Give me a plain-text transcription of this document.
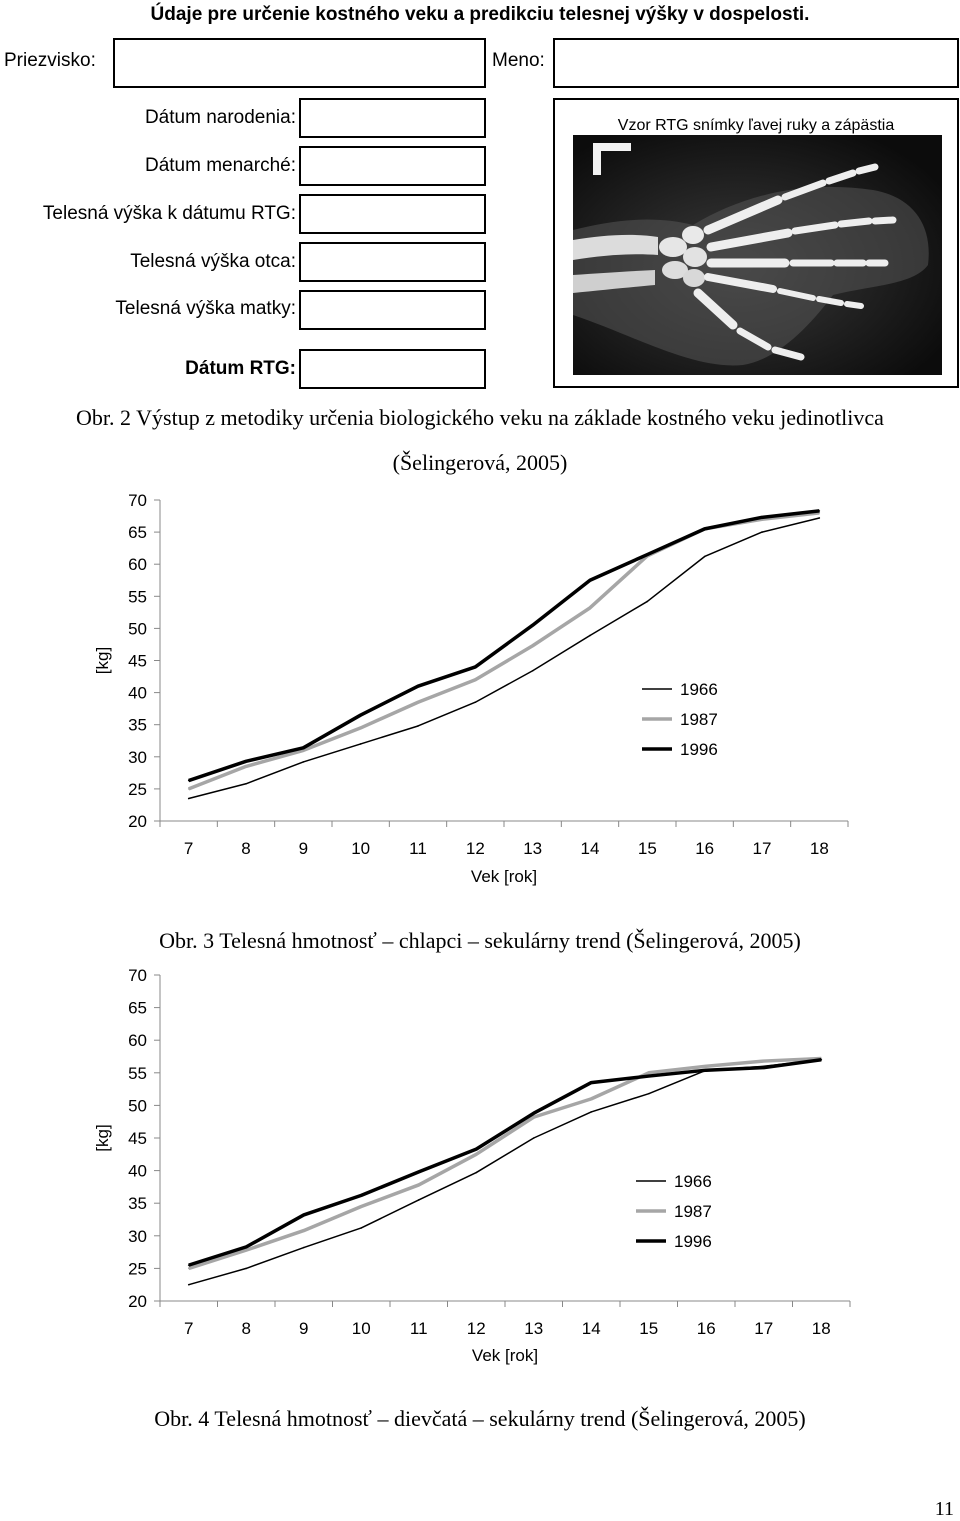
Údaje pre určenie kostného veku a predikciu telesnej výšky v dospelosti.
Priezvisko:	Meno:
Dátum narodenia:
Dátum menarché:
Telesná výška k dátumu RTG:
Telesná výška otca:
Telesná výška matky:
Dátum RTG:
Vzor RTG snímky ľavej ruky a zápästia
Obr. 2 Výstup z metodiky určenia biologického veku na základe kostného veku jedinotlivca
(Šelingerová, 2005)
20
25
30
35
40
45
50
55
60
65
70
7	8	9	10 11 12 13 14 15 16 17 18
Vek [rok]
[kg]
1966
1987
1996
Obr. 3 Telesná hmotnosť – chlapci – sekulárny trend (Šelingerová, 2005)
20
25
30
35
40
45
50
55
60
65
70
7	8	9	10 11 12 13 14 15 16 17 18
Vek [rok]
[kg]
1966
1987
1996
Obr. 4 Telesná hmotnosť – dievčatá – sekulárny trend (Šelingerová, 2005)
11
